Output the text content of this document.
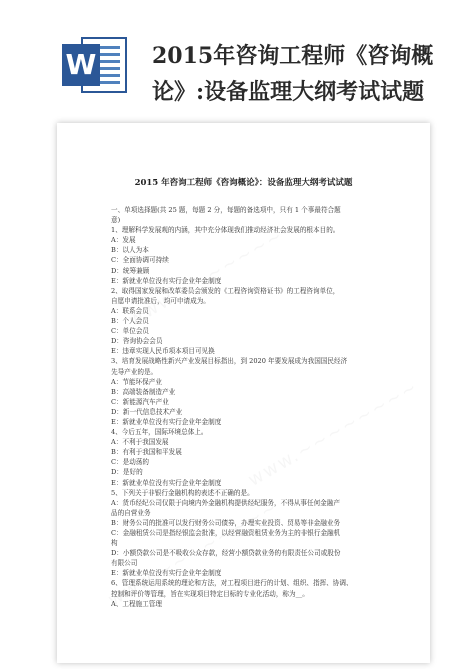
W	2015年咨询工程师《咨询概论》:设备监理大纲考试试题
2015 年咨询工程师《咨询概论》：设备监理大纲考试试题
一、单项选择题(共 25 题，每题 2 分，每题的备选项中，只有 1 个事最符合题
意)
1、理解科学发展观的内涵，其中充分体现我们推动经济社会发展的根本目的。
A：发展
B：以人为本
C：全面协调可持续
D：统筹兼顾
E：新就业单位没有实行企业年金制度
2、取得国家发展和改革委员会颁发的《工程咨询资格证书》的工程咨询单位，
自愿申请批准后，均可申请成为。
A：联系会员
B：个人会员
C：单位会员
D：咨询协会会员
E：违章实现人民币项本项目可见换
3、培育发展战略性新兴产业发展目标指出，到 2020 年要发展成为我国国民经济
先导产业的是。
A：节能环保产业
B：高端装备制造产业
C：新能源汽车产业
D：新一代信息技术产业
E：新就业单位没有实行企业年金制度
4、今后五年，国际环境总体上。
A：不利于我国发展
B：有利于我国和平发展
C：是动荡的
D：是好的
E：新就业单位没有实行企业年金制度
5、下列关于非银行金融机构的表述不正确的是。
A：货币经纪公司仅限于向境内外金融机构提供经纪服务，不得从事任何金融产
品的自营业务
B：财务公司的批准可以发行财务公司债券，办理实业投资、贸易等非金融业务
C：金融租赁公司是指经银监会批准，以经营融资租赁业务为主的非银行金融机
构
D：小额贷款公司是不吸收公众存款，经营小额贷款业务的有限责任公司或股份
有限公司
E：新就业单位没有实行企业年金制度
6、管理系统运用系统的理论和方法，对工程项目进行的计划、组织、指挥、协调、
控制和评价等管理，旨在实现项目特定目标的专业化活动，称为__。
A、工程施工管理
